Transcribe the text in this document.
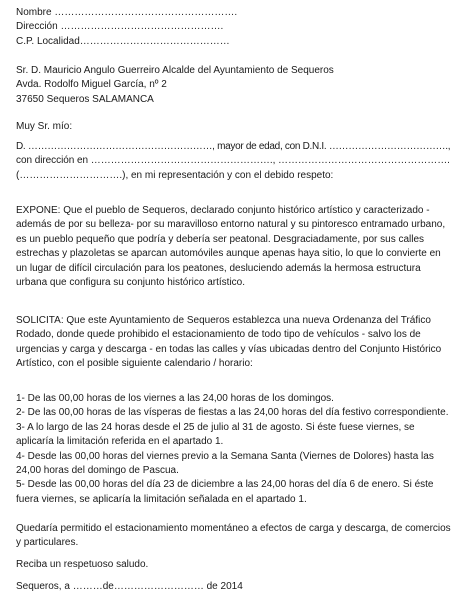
Nombre ……………………………………………….
Dirección ………………………………………….
C.P. Localidad………………………………………
Sr. D. Mauricio Angulo Guerreiro Alcalde del Ayuntamiento de Sequeros
Avda. Rodolfo Miguel García, nº 2
37650 Sequeros SALAMANCA
Muy Sr. mío:
D. …………………………………………………, mayor de edad, con D.N.I. ……………………………….,
con dirección en ………………………………………………., …………………………………………….
(………………………….), en mi representación y con el debido respeto:
EXPONE: Que el pueblo de Sequeros, declarado conjunto histórico artístico y caracterizado -
además de por su belleza- por su maravilloso entorno natural y su pintoresco entramado urbano,
es un pueblo pequeño que podría y debería ser peatonal. Desgraciadamente, por sus calles
estrechas y plazoletas se aparcan automóviles aunque apenas haya sitio, lo que lo convierte en
un lugar de difícil circulación para los peatones, desluciendo además la hermosa estructura
urbana que configura su conjunto histórico artístico.
SOLICITA: Que este Ayuntamiento de Sequeros establezca una nueva Ordenanza del Tráfico
Rodado, donde quede prohibido el estacionamiento de todo tipo de vehículos - salvo los de
urgencias y carga y descarga - en todas las calles y vías ubicadas dentro del Conjunto Histórico
Artístico, con el posible siguiente calendario / horario:
1- De las 00,00 horas de los viernes a las 24,00 horas de los domingos.
2- De las 00,00 horas de las vísperas de fiestas a las 24,00 horas del día festivo correspondiente.
3- A lo largo de las 24 horas desde el 25 de julio al 31 de agosto. Si éste fuese viernes, se
aplicaría la limitación referida en el apartado 1.
4- Desde las 00,00 horas del viernes previo a la Semana Santa (Viernes de Dolores) hasta las
24,00 horas del domingo de Pascua.
5- Desde las 00,00 horas del día 23 de diciembre a las 24,00 horas del día 6 de enero. Si éste
fuera viernes, se aplicaría la limitación señalada en el apartado 1.
Quedaría permitido el estacionamiento momentáneo a efectos de carga y descarga, de comercios
y particulares.
Reciba un respetuoso saludo.
Sequeros, a ………de……………………… de 2014
